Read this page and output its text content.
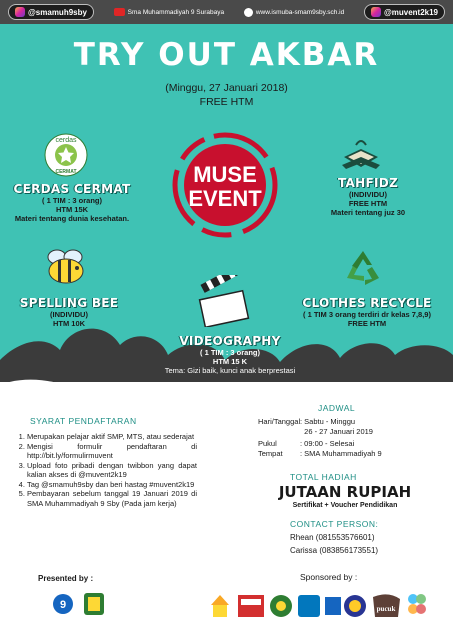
@smamuh9sby	Sma Muhammadiyah 9 Surabaya	www.ismuba-smam9sby.sch.id	@muvent2k19
TRY OUT AKBAR
(Minggu, 27 Januari 2018)
FREE HTM
MUSE
EVENT
cerdas
CERMAT
CERDAS CERMAT
( 1 TIM : 3 orang)
HTM 15K
Materi tentang dunia kesehatan.
TAHFIDZ
(INDIVIDU)
FREE HTM
Materi tentang juz 30
SPELLING BEE
(INDIVIDU)
HTM 10K
CLOTHES RECYCLE
( 1 TIM 3 orang terdiri dr kelas 7,8,9)
FREE HTM
VIDEOGRAPHY
( 1 TIM : 3 orang)
HTM 15 K
Tema: Gizi baik, kunci anak berprestasi
SYARAT PENDAFTARAN
1. Merupakan pelajar aktif SMP, MTS, atau sederajat
2. Mengisi formulir pendaftaran di http://bit.ly/formulirmuvent
3. Upload foto pribadi dengan twibbon yang dapat kalian akses di @muvent2k19
4. Tag @smamuh9sby dan beri hastag #muvent2k19
5. Pembayaran sebelum tanggal 19 Januari 2019 di SMA Muhammadiyah 9 Sby (Pada jam kerja)
JADWAL
Hari/Tanggal : Sabtu - Minggu
26 - 27 Januari 2019
Pukul	: 09:00 - Selesai
Tempat	: SMA Muhammadiyah 9
TOTAL HADIAH
JUTAAN RUPIAH
Sertifikat + Voucher Pendidikan
CONTACT PERSON:
Rhean (081553576601)
Carissa (083856173551)
Presented by :
9
Sponsored by :
pucuk
